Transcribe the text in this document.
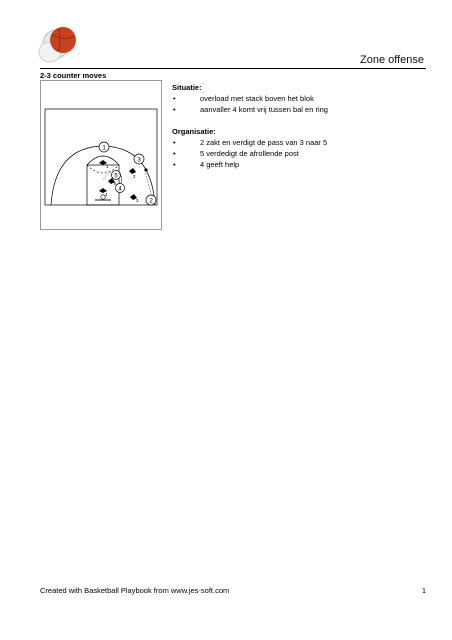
Zone offense
2-3 counter moves
1
3
5
4
2
1
2
5
4
3

Situatie:

•	overload met stack boven het blok
•	aanvaller 4 komt vrij tussen bal en ring

Organisatie:

•	2 zakt en verdigt de pass van 3 naar 5
•	5 verdedigt de afrollende post
•	4 geeft help
Created with Basketball Playbook from www.jes-soft.com	1
